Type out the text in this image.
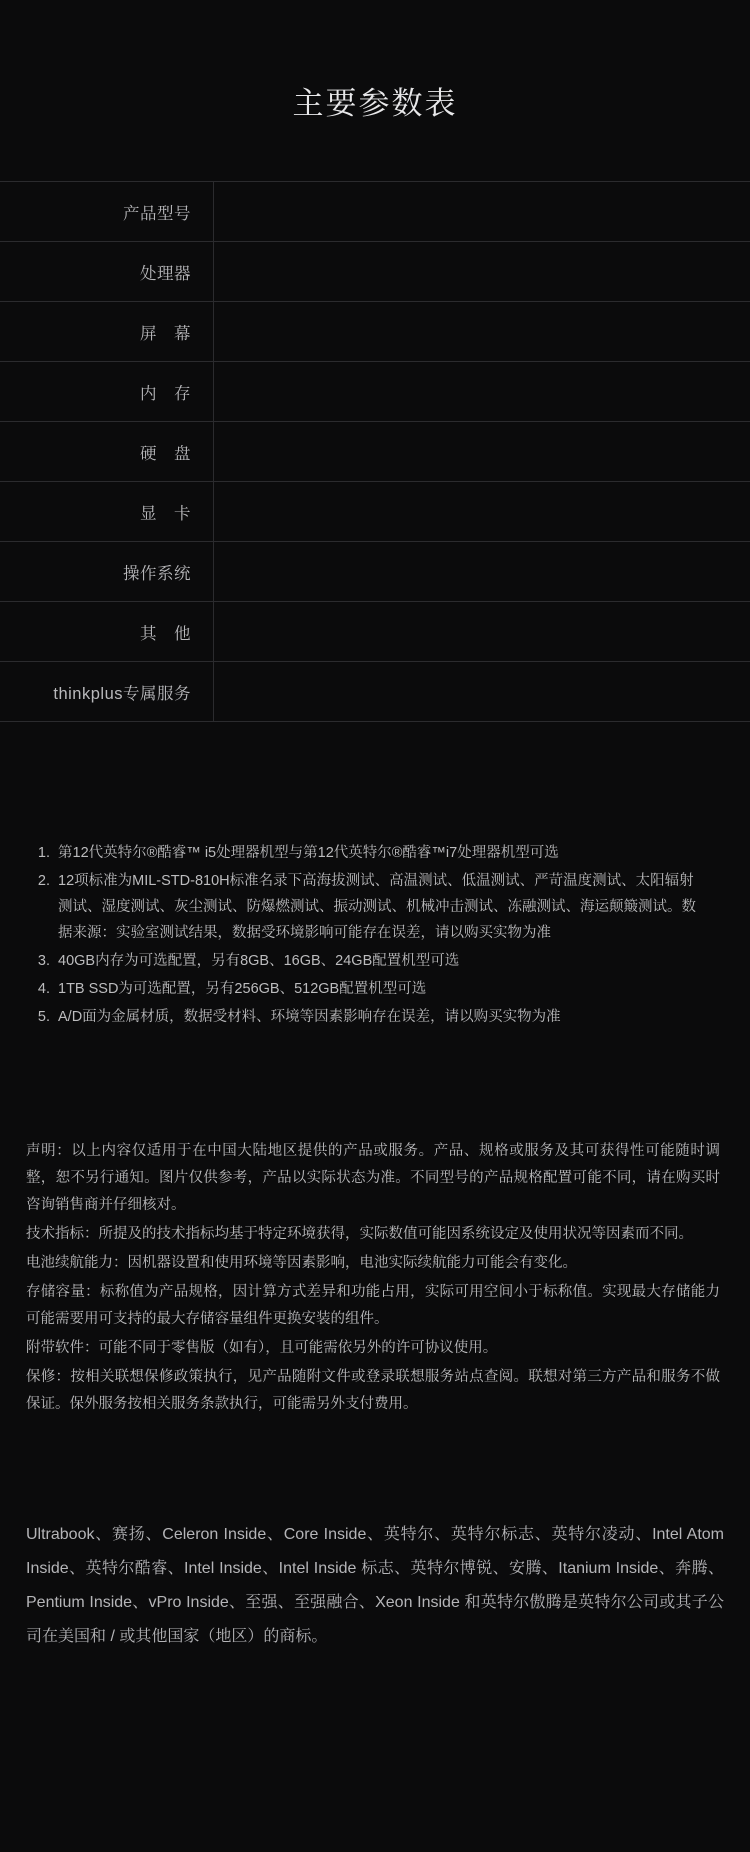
主要参数表
产品型号	
处理器	
屏　幕	
内　存	
硬　盘	
显　卡	
操作系统	
其　他	
thinkplus专属服务	
1. 第12代英特尔®酷睿™ i5处理器机型与第12代英特尔®酷睿™i7处理器机型可选
2. 12项标准为MIL-STD-810H标准名录下高海拔测试、高温测试、低温测试、严苛温度测试、太阳辐射测试、湿度测试、灰尘测试、防爆燃测试、振动测试、机械冲击测试、冻融测试、海运颠簸测试。数据来源：实验室测试结果，数据受环境影响可能存在误差，请以购买实物为准
3. 40GB内存为可选配置，另有8GB、16GB、24GB配置机型可选
4. 1TB SSD为可选配置，另有256GB、512GB配置机型可选
5. A/D面为金属材质，数据受材料、环境等因素影响存在误差，请以购买实物为准

声明：以上内容仅适用于在中国大陆地区提供的产品或服务。产品、规格或服务及其可获得性可能随时调整，恕不另行通知。图片仅供参考，产品以实际状态为准。不同型号的产品规格配置可能不同，请在购买时咨询销售商并仔细核对。

技术指标：所提及的技术指标均基于特定环境获得，实际数值可能因系统设定及使用状况等因素而不同。

电池续航能力：因机器设置和使用环境等因素影响，电池实际续航能力可能会有变化。

存储容量：标称值为产品规格，因计算方式差异和功能占用，实际可用空间小于标称值。实现最大存储能力可能需要用可支持的最大存储容量组件更换安装的组件。

附带软件：可能不同于零售版（如有），且可能需依另外的许可协议使用。

保修：按相关联想保修政策执行，见产品随附文件或登录联想服务站点查阅。联想对第三方产品和服务不做保证。保外服务按相关服务条款执行，可能需另外支付费用。

Ultrabook、赛扬、Celeron Inside、Core Inside、英特尔、英特尔标志、英特尔凌动、Intel Atom Inside、英特尔酷睿、Intel Inside、Intel Inside 标志、英特尔博锐、安腾、Itanium Inside、奔腾、Pentium Inside、vPro Inside、至强、至强融合、Xeon Inside 和英特尔傲腾是英特尔公司或其子公司在美国和 / 或其他国家（地区）的商标。
